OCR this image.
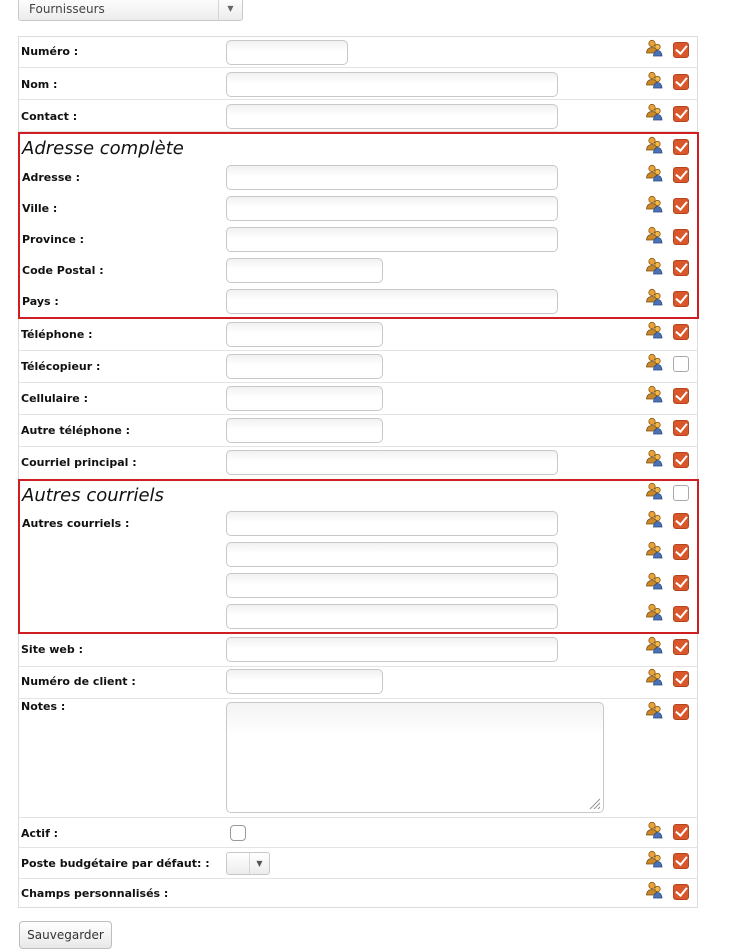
Fournisseurs	▼
Adresse complète
Autres courriels
Numéro :
Nom :
Contact :
Adresse :
Ville :
Province :
Code Postal :
Pays :
Téléphone :
Télécopieur :
Cellulaire :
Autre téléphone :
Courriel principal :
Autres courriels :
Site web :
Numéro de client :
Notes :
Actif :
Poste budgétaire par défaut: :
Champs personnalisés :
▼
Sauvegarder
